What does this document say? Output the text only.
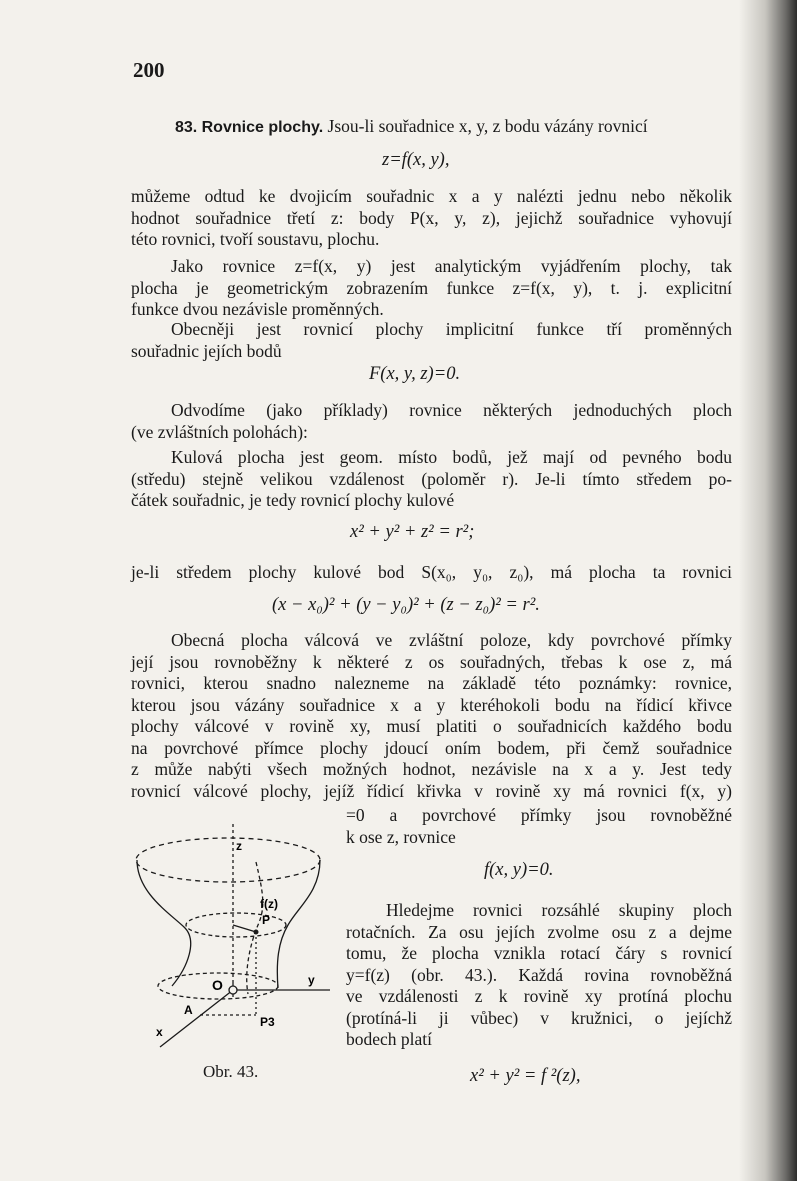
200
83. Rovnice plochy. Jsou-li souřadnice x, y, z bodu vázány rovnicí
z=f(x, y),
můžeme odtud ke dvojicím souřadnic x a y nalézti jednu nebo několik
hodnot souřadnice třetí z: body P(x, y, z), jejichž souřadnice vyhovují
této rovnici, tvoří soustavu, plochu.
Jako rovnice z=f(x, y) jest analytickým vyjádřením plochy, tak
plocha je geometrickým zobrazením funkce z=f(x, y), t. j. explicitní
funkce dvou nezávisle proměnných.
Obecněji jest rovnicí plochy implicitní funkce tří proměnných
souřadnic jejích bodů
F(x, y, z)=0.
Odvodíme (jako příklady) rovnice některých jednoduchých ploch
(ve zvláštních polohách):
Kulová plocha jest geom. místo bodů, jež mají od pevného bodu
(středu) stejně velikou vzdálenost (poloměr r). Je-li tímto středem po-
čátek souřadnic, je tedy rovnicí plochy kulové
x² + y² + z² = r²;
je-li středem plochy kulové bod S(x₀, y₀, z₀), má plocha ta rovnici
(x − x₀)² + (y − y₀)² + (z − z₀)² = r².
Obecná plocha válcová ve zvláštní poloze, kdy povrchové přímky
její jsou rovnoběžny k některé z os souřadných, třebas k ose z, má
rovnici, kterou snadno nalezneme na základě této poznámky: rovnice,
kterou jsou vázány souřadnice x a y kteréhokoli bodu na řídicí křivce
plochy válcové v rovině xy, musí platiti o souřadnicích každého bodu
na povrchové přímce plochy jdoucí oním bodem, při čemž souřadnice
z může nabýti všech možných hodnot, nezávisle na x a y. Jest tedy
rovnicí válcové plochy, jejíž řídicí křivka v rovině xy má rovnici f(x, y)
=0 a povrchové přímky jsou rovnoběžné
k ose z, rovnice
f(x, y)=0.
Hledejme rovnici rozsáhlé skupiny ploch
rotačních. Za osu jejích zvolme osu z a dejme
tomu, že plocha vznikla rotací čáry s rovnicí
y=f(z) (obr. 43.). Každá rovina rovnoběžná
ve vzdálenosti z k rovině xy protíná plochu
(protíná-li ji vůbec) v kružnici, o jejíchž
bodech platí
x² + y² = f ²(z),
z
f(z)
P
O	y
A
P3
x
Obr. 43.
